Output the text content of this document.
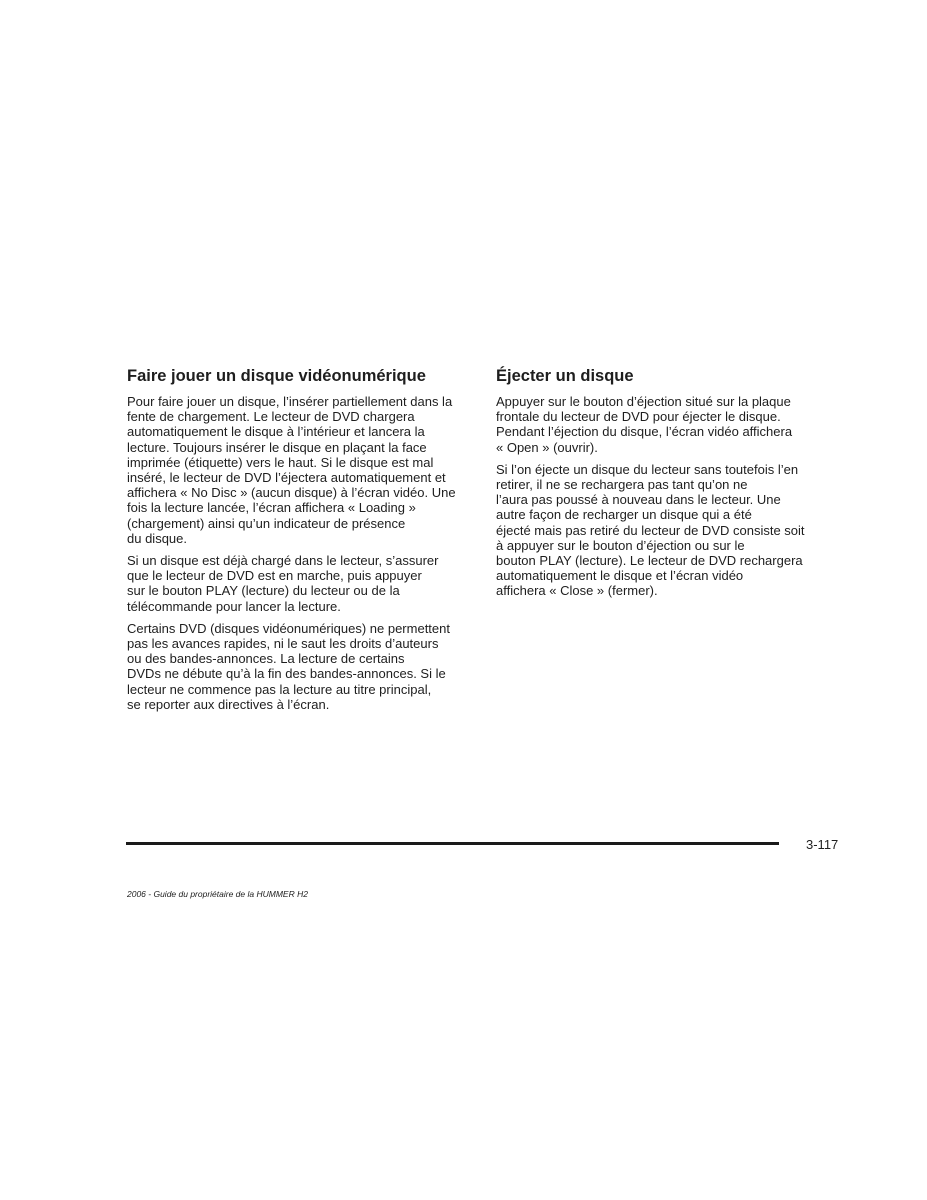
Faire jouer un disque vidéonumérique

Pour faire jouer un disque, l’insérer partiellement dans la
fente de chargement. Le lecteur de DVD chargera
automatiquement le disque à l’intérieur et lancera la
lecture. Toujours insérer le disque en plaçant la face
imprimée (étiquette) vers le haut. Si le disque est mal
inséré, le lecteur de DVD l’éjectera automatiquement et
affichera « No Disc » (aucun disque) à l’écran vidéo. Une
fois la lecture lancée, l’écran affichera « Loading »
(chargement) ainsi qu’un indicateur de présence
du disque.

Si un disque est déjà chargé dans le lecteur, s’assurer
que le lecteur de DVD est en marche, puis appuyer
sur le bouton PLAY (lecture) du lecteur ou de la
télécommande pour lancer la lecture.

Certains DVD (disques vidéonumériques) ne permettent
pas les avances rapides, ni le saut les droits d’auteurs
ou des bandes-annonces. La lecture de certains
DVDs ne débute qu’à la fin des bandes-annonces. Si le
lecteur ne commence pas la lecture au titre principal,
se reporter aux directives à l’écran.

Éjecter un disque

Appuyer sur le bouton d’éjection situé sur la plaque
frontale du lecteur de DVD pour éjecter le disque.
Pendant l’éjection du disque, l’écran vidéo affichera
« Open » (ouvrir).

Si l’on éjecte un disque du lecteur sans toutefois l’en
retirer, il ne se rechargera pas tant qu’on ne
l’aura pas poussé à nouveau dans le lecteur. Une
autre façon de recharger un disque qui a été
éjecté mais pas retiré du lecteur de DVD consiste soit
à appuyer sur le bouton d’éjection ou sur le
bouton PLAY (lecture). Le lecteur de DVD rechargera
automatiquement le disque et l’écran vidéo
affichera « Close » (fermer).

3-117
2006 - Guide du propriétaire de la HUMMER H2
